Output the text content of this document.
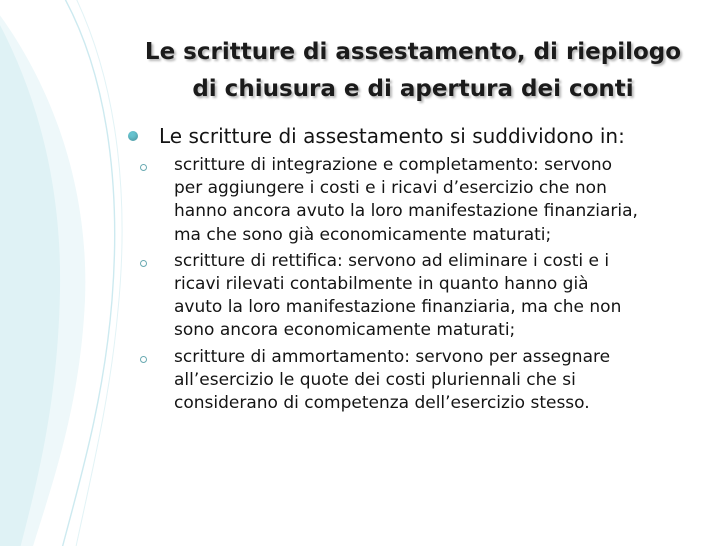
Le scritture di assestamento, di riepilogo
di chiusura e di apertura dei conti
Le scritture di assestamento si suddividono in:
scritture di integrazione e completamento: servono
per aggiungere i costi e i ricavi d’esercizio che non
hanno ancora avuto la loro manifestazione finanziaria,
ma che sono già economicamente maturati;
scritture di rettifica: servono ad eliminare i costi e i
ricavi rilevati contabilmente in quanto hanno già
avuto la loro manifestazione finanziaria, ma che non
sono ancora economicamente maturati;
scritture di ammortamento: servono per assegnare
all’esercizio le quote dei costi pluriennali che si
considerano di competenza dell’esercizio stesso.
